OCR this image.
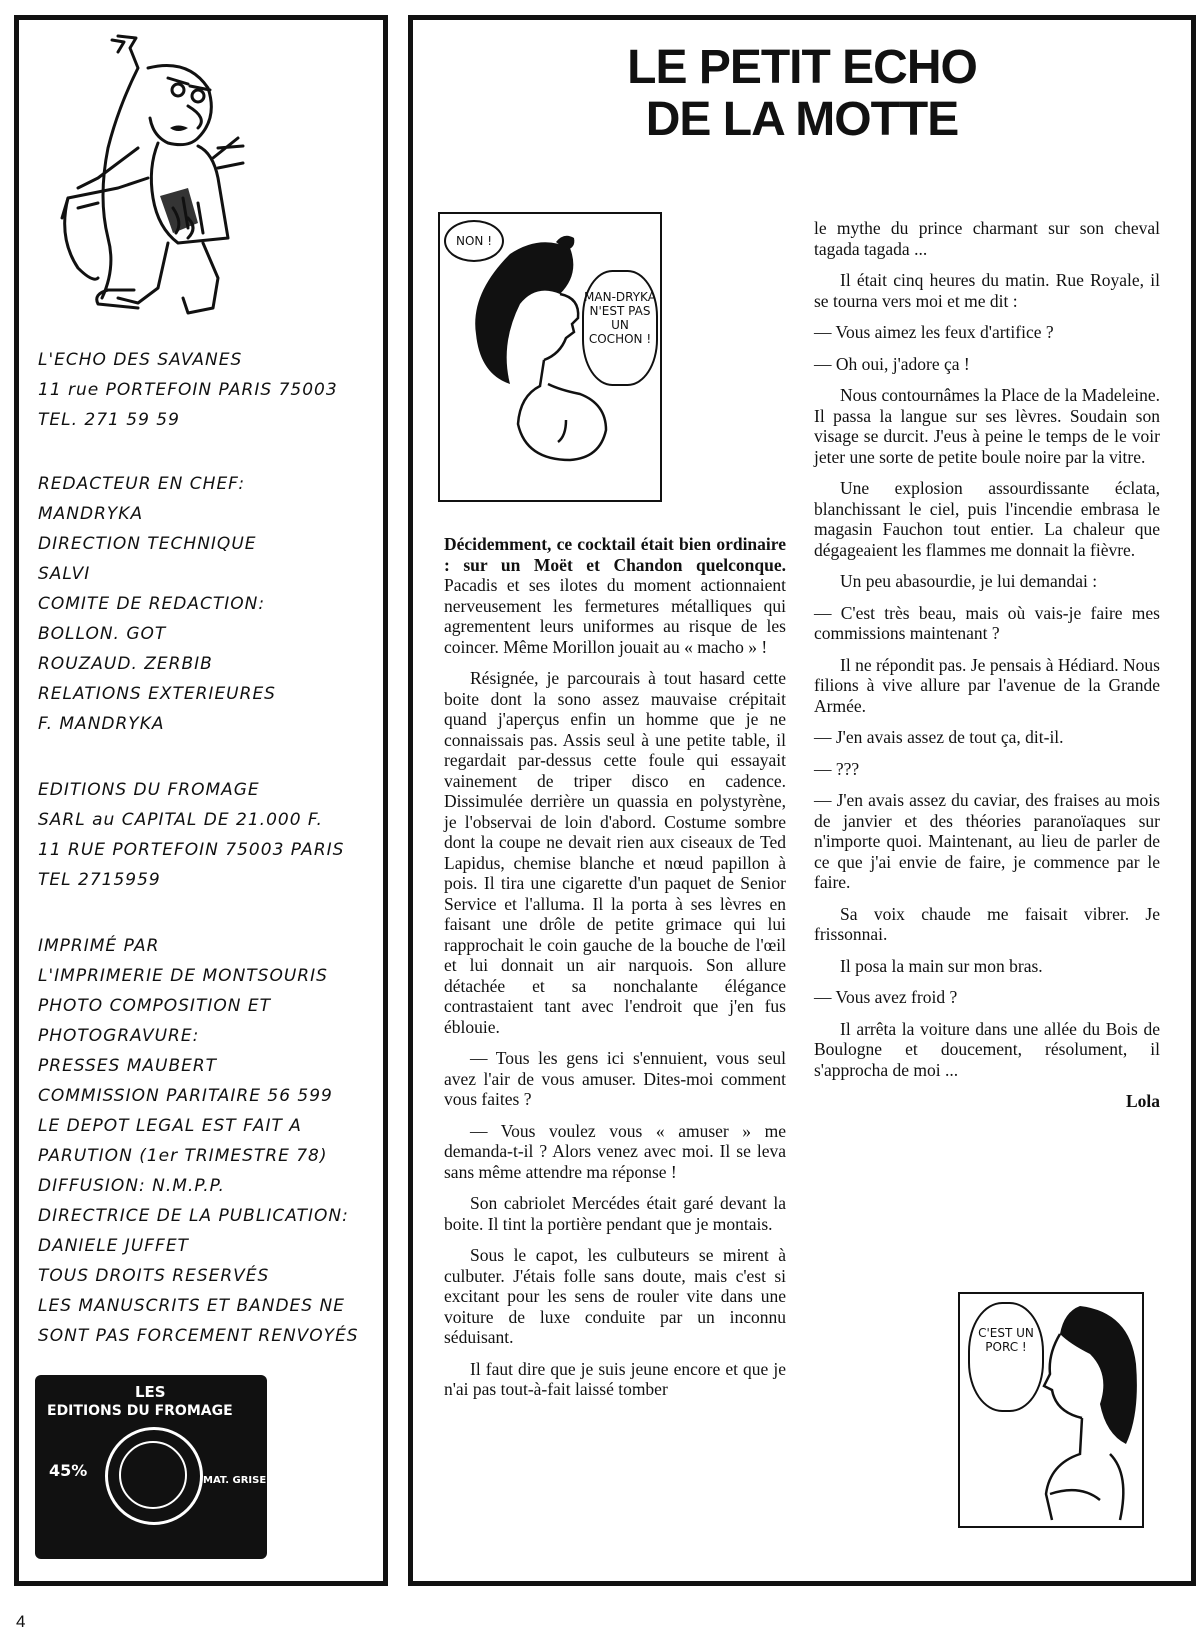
L'ECHO DES SAVANES
11 rue PORTEFOIN PARIS 75003
TEL. 271 59 59
REDACTEUR EN CHEF:
MANDRYKA
DIRECTION TECHNIQUE
SALVI
COMITE DE REDACTION:
BOLLON. GOT
ROUZAUD. ZERBIB
RELATIONS EXTERIEURES
F. MANDRYKA
EDITIONS DU FROMAGE
SARL au CAPITAL DE 21.000 F.
11 RUE PORTEFOIN 75003 PARIS
TEL 2715959
IMPRIMÉ PAR
L'IMPRIMERIE DE MONTSOURIS
PHOTO COMPOSITION ET
PHOTOGRAVURE:
PRESSES MAUBERT
COMMISSION PARITAIRE 56 599
LE DEPOT LEGAL EST FAIT A
PARUTION (1er TRIMESTRE 78)
DIFFUSION: N.M.P.P.
DIRECTRICE DE LA PUBLICATION:
DANIELE JUFFET
TOUS DROITS RESERVÉS
LES MANUSCRITS ET BANDES NE
SONT PAS FORCEMENT RENVOYÉS
LES
EDITIONS DU FROMAGE
45%
MAT. GRISE
LE PETIT ECHO
DE LA MOTTE
NON !
MAN-DRYKA N'EST PAS UN COCHON !
C'EST UN PORC !

Décidemment, ce cocktail était bien ordinaire : sur un Moët et Chandon quelconque. Pacadis et ses ilotes du moment actionnaient nerveusement les fermetures métalliques qui agrementent leurs uniformes au risque de les coincer. Même Morillon jouait au « macho » !

Résignée, je parcourais à tout hasard cette boite dont la sono assez mauvaise crépitait quand j'aperçus enfin un homme que je ne connaissais pas. Assis seul à une petite table, il regardait par-dessus cette foule qui essayait vainement de triper disco en cadence. Dissimulée derrière un quassia en polystyrène, je l'observai de loin d'abord. Costume sombre dont la coupe ne devait rien aux ciseaux de Ted Lapidus, chemise blanche et nœud papillon à pois. Il tira une cigarette d'un paquet de Senior Service et l'alluma. Il la porta à ses lèvres en faisant une drôle de petite grimace qui lui rapprochait le coin gauche de la bouche de l'œil et lui donnait un air narquois. Son allure détachée et sa nonchalante élégance contrastaient tant avec l'endroit que j'en fus éblouie.

— Tous les gens ici s'ennuient, vous seul avez l'air de vous amuser. Dites-moi comment vous faites ?

— Vous voulez vous « amuser » me demanda-t-il ? Alors venez avec moi. Il se leva sans même attendre ma réponse !

Son cabriolet Mercédes était garé devant la boite. Il tint la portière pendant que je montais.

Sous le capot, les culbuteurs se mirent à culbuter. J'étais folle sans doute, mais c'est si excitant pour les sens de rouler vite dans une voiture de luxe conduite par un inconnu séduisant.

Il faut dire que je suis jeune encore et que je n'ai pas tout-à-fait laissé tomber

le mythe du prince charmant sur son cheval tagada tagada ...

Il était cinq heures du matin. Rue Royale, il se tourna vers moi et me dit :

— Vous aimez les feux d'artifice ?

— Oh oui, j'adore ça !

Nous contournâmes la Place de la Madeleine. Il passa la langue sur ses lèvres. Soudain son visage se durcit. J'eus à peine le temps de le voir jeter une sorte de petite boule noire par la vitre.

Une explosion assourdissante éclata, blanchissant le ciel, puis l'incendie embrasa le magasin Fauchon tout entier. La chaleur que dégageaient les flammes me donnait la fièvre.

Un peu abasourdie, je lui demandai :

— C'est très beau, mais où vais-je faire mes commissions maintenant ?

Il ne répondit pas. Je pensais à Hédiard. Nous filions à vive allure par l'avenue de la Grande Armée.

— J'en avais assez de tout ça, dit-il.

— ???

— J'en avais assez du caviar, des fraises au mois de janvier et des théories paranoïaques sur n'importe quoi. Maintenant, au lieu de parler de ce que j'ai envie de faire, je commence par le faire.

Sa voix chaude me faisait vibrer. Je frissonnai.

Il posa la main sur mon bras.

— Vous avez froid ?

Il arrêta la voiture dans une allée du Bois de Boulogne et doucement, résolument, il s'approcha de moi ...

Lola

4
